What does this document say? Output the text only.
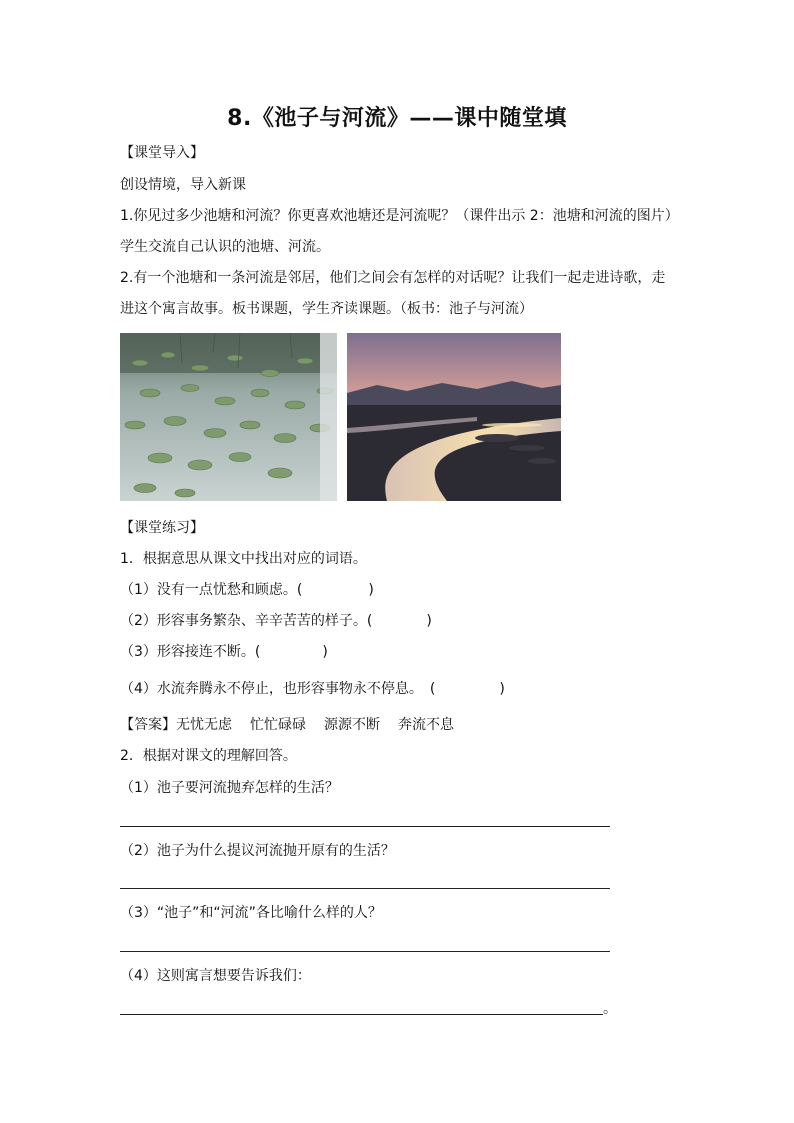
8.《池子与河流》——课中随堂填
【课堂导入】
创设情境，导入新课
1.你见过多少池塘和河流？你更喜欢池塘还是河流呢？（课件出示 2：池塘和河流的图片）
学生交流自己认识的池塘、河流。
2.有一个池塘和一条河流是邻居，他们之间会有怎样的对话呢？让我们一起走进诗歌，走
进这个寓言故事。板书课题，学生齐读课题。（板书：池子与河流）
【课堂练习】
1．根据意思从课文中找出对应的词语。
（1）没有一点忧愁和顾虑。(	)
（2）形容事务繁杂、辛辛苦苦的样子。(	)
（3）形容接连不断。(	)
（4）水流奔腾永不停止，也形容事物永不停息。　(	)
【答案】无忧无虑 忙忙碌碌 源源不断 奔流不息
2．根据对课文的理解回答。
（1）池子要河流抛弃怎样的生活？
（2）池子为什么提议河流抛开原有的生活？
（3）“池子”和“河流”各比喻什么样的人？
（4）这则寓言想要告诉我们：
。
